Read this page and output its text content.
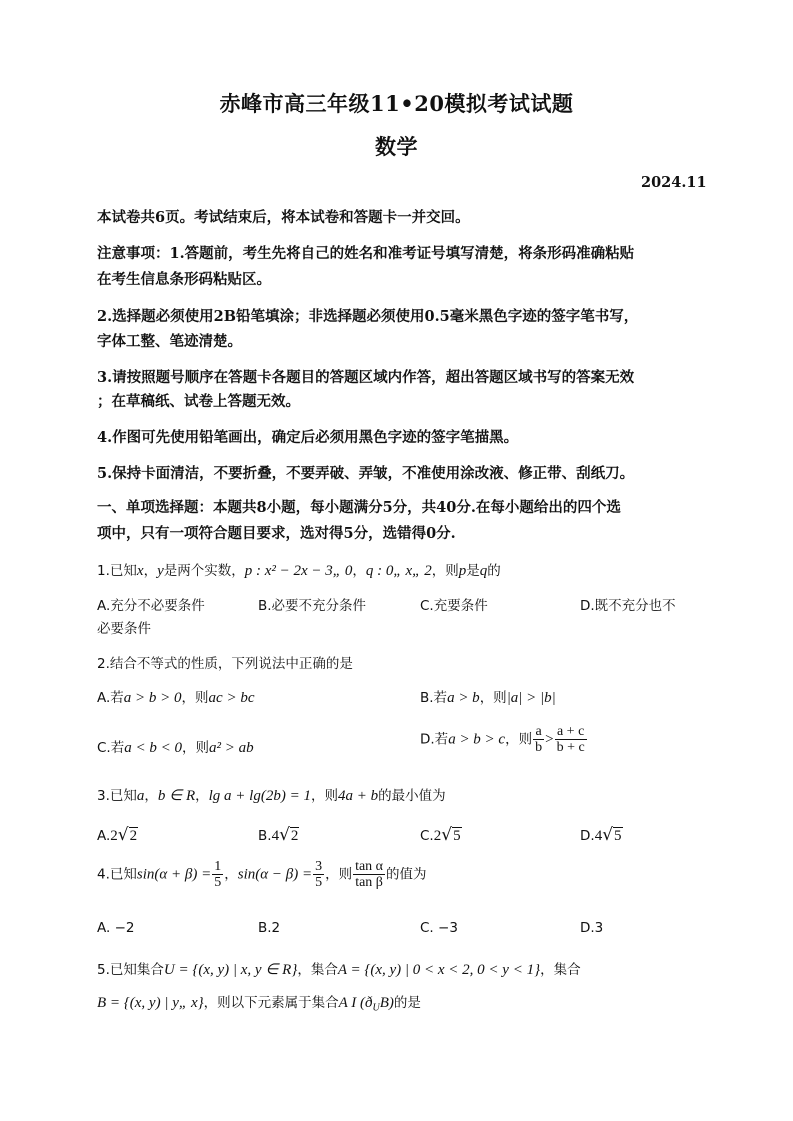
赤峰市高三年级11•20模拟考试试题
数学
2024.11
本试卷共6页。考试结束后，将本试卷和答题卡一并交回。
注意事项：1.答题前，考生先将自己的姓名和准考证号填写清楚，将条形码准确粘贴
在考生信息条形码粘贴区。
2.选择题必须使用2B铅笔填涂；非选择题必须使用0.5毫米黑色字迹的签字笔书写，
字体工整、笔迹清楚。
3.请按照题号顺序在答题卡各题目的答题区域内作答，超出答题区域书写的答案无效
；在草稿纸、试卷上答题无效。
4.作图可先使用铅笔画出，确定后必须用黑色字迹的签字笔描黑。
5.保持卡面清洁，不要折叠，不要弄破、弄皱，不准使用涂改液、修正带、刮纸刀。
一、单项选择题：本题共8小题，每小题满分5分，共40分.在每小题给出的四个选
项中，只有一项符合题目要求，选对得5分，选错得0分.
1.已知x，y是两个实数，p : x² − 2x − 3„ 0，q : 0„ x„ 2，则p是q的
A.充分不必要条件	B.必要不充分条件	C.充要条件	D.既不充分也不
必要条件
2.结合不等式的性质，下列说法中正确的是
A.若a > b > 0，则ac > bc	B.若a > b，则|a| > |b|
C.若a < b < 0，则a² > ab
D.若a > b > c，则 $\frac{a}{b} > \frac{a + c}{b + c}$
3.已知a，b ∈ R，lg a + lg(2b) = 1，则4a + b的最小值为
A.2√2	B.4√2	C.2√5	D.4√5
4.已知$\sin(\alpha + \beta) = \frac{1}{5}$ ，$\sin(\alpha - \beta) = \frac{3}{5}$ ，则 $\frac{\text{tan α}}{\text{tan β}}$ 的值为
A. −2	B.2	C. −3	D.3
5.已知集合U = {(x, y) | x, y ∈ R}，集合A = {(x, y) | 0 < x < 2, 0 < y < 1}，集合
B = {(x, y) | y„ x}，则以下元素属于集合A I $(ð_UB)$的是
